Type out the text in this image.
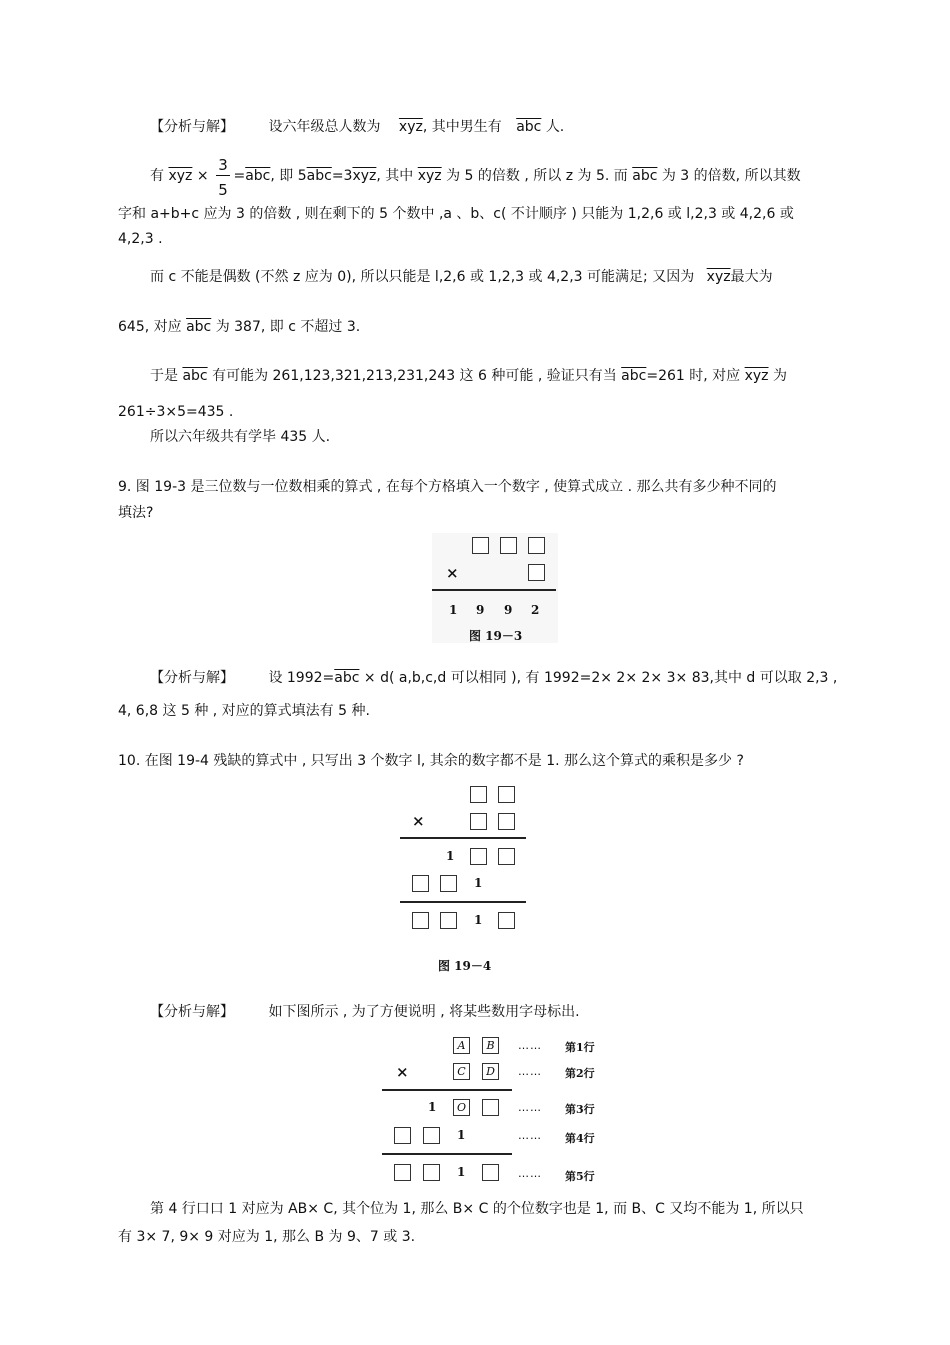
【分析与解】 设六年级总人数为 $\overline{xyz}$, 其中男生有 $\overline{abc}$ 人.
有 $\overline{xyz} \times =\overline{abc}$, 即 $5\overline{abc}=3\overline{xyz}$, 其中 $\overline{xyz}$ 为 5 的倍数 , 所以 z 为 5. 而 $\overline{abc}$ 为 3 的倍数, 所以其数
3
5
字和 a+b+c 应为 3 的倍数 , 则在剩下的 5 个数中 ,a 、b、c( 不计顺序 ) 只能为 1,2,6 或 l,2,3 或 4,2,6 或
4,2,3 .
而 c 不能是偶数 (不然 z 应为 0), 所以只能是 l,2,6 或 1,2,3 或 4,2,3 可能满足; 又因为 $\overline{xyz}$最大为
645, 对应 $\overline{abc}$ 为 387, 即 c 不超过 3.
于是 $\overline{abc}$ 有可能为 261,123,321,213,231,243 这 6 种可能 , 验证只有当 $\overline{abc}=261$ 时, 对应 $\overline{xyz}$ 为
261÷3×5=435 .
所以六年级共有学毕 435 人.
9. 图 19-3 是三位数与一位数相乘的算式 , 在每个方格填入一个数字 , 使算式成立 . 那么共有多少种不同的
填法?
×
1 9 9 2
图 19－3
【分析与解】 设 $1992=\overline{abc} \times d$( a,b,c,d 可以相同 ), 有 1992=2× 2× 2× 3× 83,其中 d 可以取 2,3 ,
4, 6,8 这 5 种 , 对应的算式填法有 5 种.
10. 在图 19-4 残缺的算式中 , 只写出 3 个数字 l, 其余的数字都不是 1. 那么这个算式的乘积是多少 ?
×
1
1
1
图 19－4
【分析与解】 如下图所示 , 为了方便说明 , 将某些数用字母标出.
A	B	…… 第1行
×	C	D	…… 第2行
1	O	…… 第3行
1	…… 第4行
1	…… 第5行
第 4 行口口 1 对应为 AB× C, 其个位为 1, 那么 B× C 的个位数字也是 1, 而 B、C 又均不能为 1, 所以只
有 3× 7, 9× 9 对应为 1, 那么 B 为 9、7 或 3.
